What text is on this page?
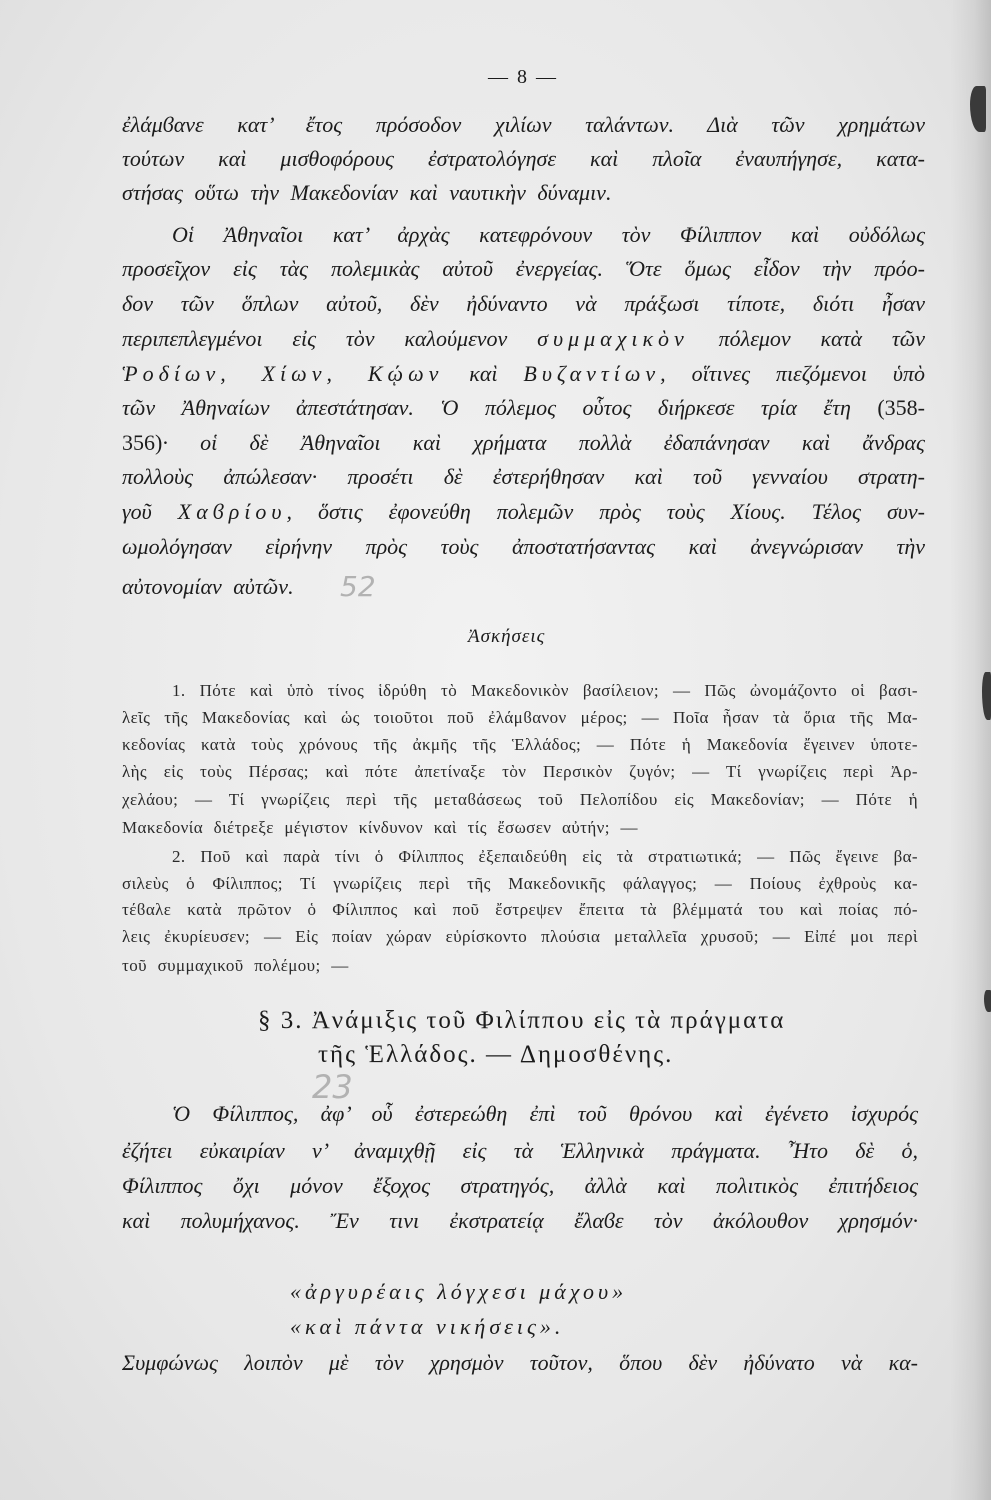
— 8 —
ἐλάμϐανε κατ’ ἔτος πρόσοδον χιλίων ταλάντων. Διὰ τῶν χρημάτων
τούτων καὶ μισθοφόρους ἐστρατολόγησε καὶ πλοῖα ἐναυπήγησε, κατα-
στήσας οὕτω τὴν Μακεδονίαν καὶ ναυτικὴν δύναμιν.
Οἱ Ἀθηναῖοι κατ’ ἀρχὰς κατεφρόνουν τὸν Φίλιππον καὶ οὐδόλως
προσεῖχον εἰς τὰς πολεμικὰς αὐτοῦ ἐνεργείας. Ὅτε ὅμως εἶδον τὴν πρόο-
δον τῶν ὅπλων αὐτοῦ, δὲν ἠδύναντο νὰ πράξωσι τίποτε, διότι ἦσαν
περιπεπλεγμένοι εἰς τὸν καλούμενον συμμαχικὸν πόλεμον κατὰ τῶν
Ῥοδίων, Χίων, Κῴων καὶ Βυζαντίων, οἵτινες πιεζόμενοι ὑπὸ
τῶν Ἀθηναίων ἀπεστάτησαν. Ὁ πόλεμος οὗτος διήρκεσε τρία ἔτη (358-
356)· οἱ δὲ Ἀθηναῖοι καὶ χρήματα πολλὰ ἐδαπάνησαν καὶ ἄνδρας
πολλοὺς ἀπώλεσαν· προσέτι δὲ ἐστερήθησαν καὶ τοῦ γενναίου στρατη-
γοῦ Χαϐρίου, ὅστις ἐφονεύθη πολεμῶν πρὸς τοὺς Χίους. Τέλος συν-
ωμολόγησαν εἰρήνην πρὸς τοὺς ἀποστατήσαντας καὶ ἀνεγνώρισαν τὴν
αὐτονομίαν αὐτῶν.	52
Ἀσκήσεις
1. Πότε καὶ ὑπὸ τίνος ἱδρύθη τὸ Μακεδονικὸν βασίλειον; — Πῶς ὠνομάζοντο οἱ βασι-
λεῖς τῆς Μακεδονίας καὶ ὡς τοιοῦτοι ποῦ ἐλάμϐανον μέρος; — Ποῖα ἦσαν τὰ ὅρια τῆς Μα-
κεδονίας κατὰ τοὺς χρόνους τῆς ἀκμῆς τῆς Ἑλλάδος; — Πότε ἡ Μακεδονία ἔγεινεν ὑποτε-
λὴς εἰς τοὺς Πέρσας; καὶ πότε ἀπετίναξε τὸν Περσικὸν ζυγόν; — Τί γνωρίζεις περὶ Ἀρ-
χελάου; — Τί γνωρίζεις περὶ τῆς μεταϐάσεως τοῦ Πελοπίδου εἰς Μακεδονίαν; — Πότε ἡ
Μακεδονία διέτρεξε μέγιστον κίνδυνον καὶ τίς ἔσωσεν αὐτήν; —
2. Ποῦ καὶ παρὰ τίνι ὁ Φίλιππος ἐξεπαιδεύθη εἰς τὰ στρατιωτικά; — Πῶς ἔγεινε βα-
σιλεὺς ὁ Φίλιππος; Τί γνωρίζεις περὶ τῆς Μακεδονικῆς φάλαγγος; — Ποίους ἐχθροὺς κα-
τέϐαλε κατὰ πρῶτον ὁ Φίλιππος καὶ ποῦ ἔστρεψεν ἔπειτα τὰ βλέμματά του καὶ ποίας πό-
λεις ἐκυρίευσεν; — Εἰς ποίαν χώραν εὑρίσκοντο πλούσια μεταλλεῖα χρυσοῦ; — Εἰπέ μοι περὶ
τοῦ συμμαχικοῦ πολέμου; —
§ 3. Ἀνάμιξις τοῦ Φιλίππου εἰς τὰ πράγματα
τῆς Ἑλλάδος. — Δημοσθένης.
23
Ὁ Φίλιππος, ἀφ’ οὗ ἐστερεώθη ἐπὶ τοῦ θρόνου καὶ ἐγένετο ἰσχυρός
ἐζήτει εὐκαιρίαν ν’ ἀναμιχθῇ εἰς τὰ Ἑλληνικὰ πράγματα. Ἦτο δὲ ὁ,
Φίλιππος ὄχι μόνον ἔξοχος στρατηγός, ἀλλὰ καὶ πολιτικὸς ἐπιτήδειος
καὶ πολυμήχανος. Ἔν τινι ἐκστρατείᾳ ἔλαϐε τὸν ἀκόλουθον χρησμόν·
«ἀργυρέαις λόγχεσι μάχου»
«καὶ πάντα νικήσεις».
Συμφώνως λοιπὸν μὲ τὸν χρησμὸν τοῦτον, ὅπου δὲν ἠδύνατο νὰ κα-
